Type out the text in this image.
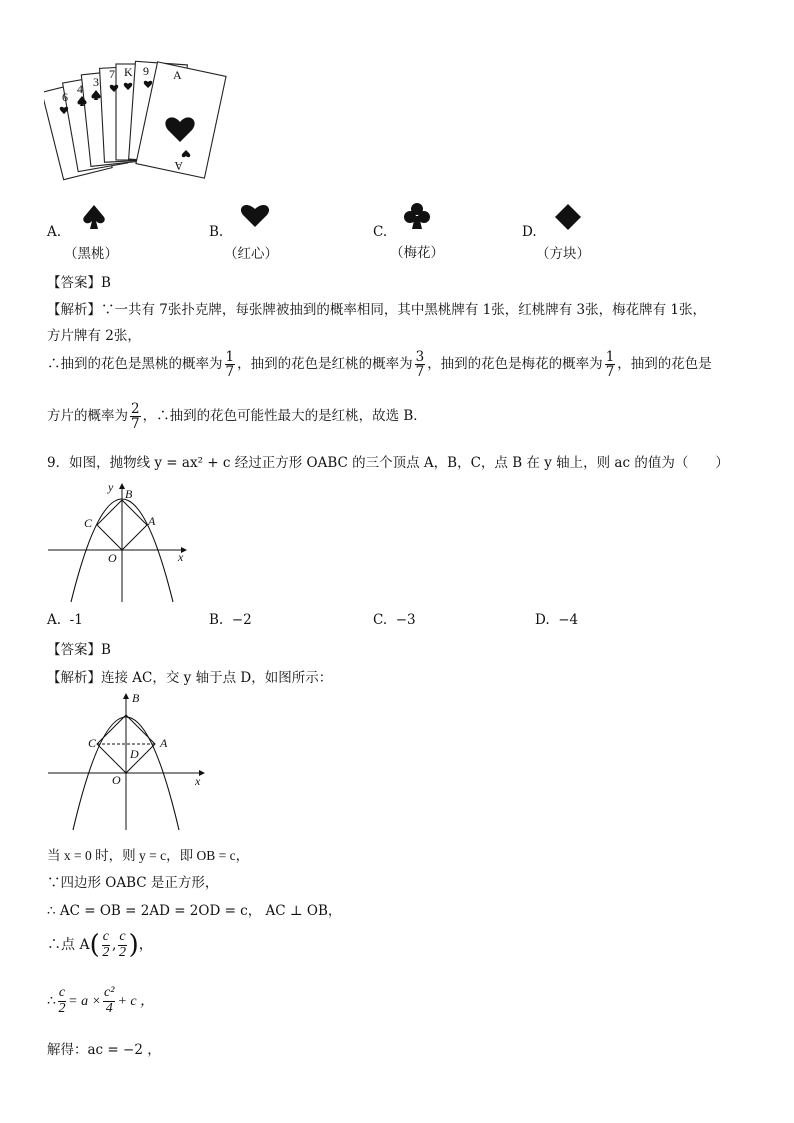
6
4 3
7 K 9 A
A
A.
（黑桃）
B.
（红心）
C.
（梅花）
D.
（方块）
【答案】B
【解析】∵一共有 7张扑克牌，每张牌被抽到的概率相同，其中黑桃牌有 1张，红桃牌有 3张，梅花牌有 1张，
方片牌有 2张，
∴抽到的花色是黑桃的概率为 $\frac{1}{7}$ ，抽到的花色是红桃的概率为 $\frac{3}{7}$ ，抽到的花色是梅花的概率为 $\frac{1}{7}$ ，抽到的花色是
方片的概率为 $\frac{2}{7}$ ，∴抽到的花色可能性最大的是红桃，故选 B．
9．如图，抛物线 y = ax² + c 经过正方形 OABC 的三个顶点 A，B，C，点 B 在 y 轴上，则 ac 的值为（　　）
y
x
O
A
B
C
A. -1	B. −2	C. −3	D. −4
【答案】B
【解析】连接 AC，交 y 轴于点 D，如图所示：
B
A
C
D
O	x
当 x = 0 时，则 y = c，即 OB = c，
∵四边形 OABC 是正方形，
∴ AC = OB = 2AD = 2OD = c， AC ⊥ OB，
∴点 $A( \frac{c}{2}$ , $\frac{c}{2}$ )，
∴ $\frac{c}{2} = a \times \frac{\text{c²}}{4} + c$ ，
解得：ac = −2 ，
